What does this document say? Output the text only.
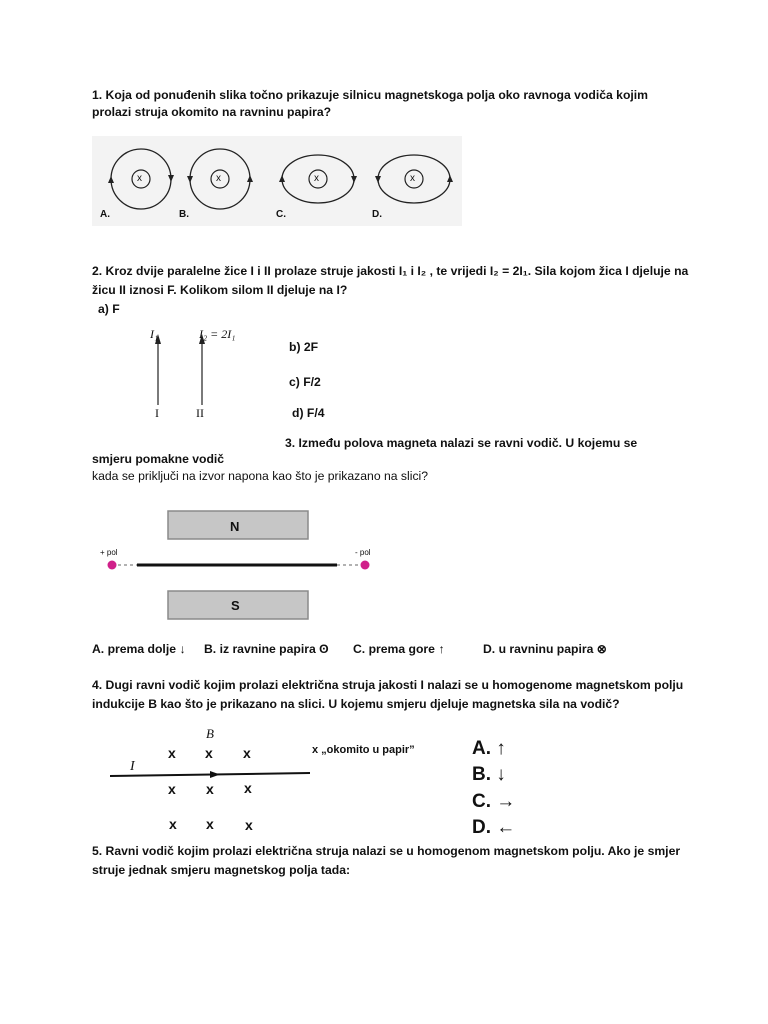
1. Koja od ponuđenih slika točno prikazuje silnicu magnetskoga polja oko ravnoga vodiča kojim
prolazi struja okomito na ravninu papira?
x	x	x	x
A.	B.	C.	D.
2. Kroz dvije paralelne žice I i II prolaze struje jakosti I₁ i I₂ , te vrijedi I₂ = 2I₁. Sila kojom žica I djeluje na
žicu II iznosi F. Kolikom silom II djeluje na I?
a) F
I₁	I₂ = 2I₁
I	II
b) 2F
c) F/2
d) F/4
3. Između polova magneta nalazi se ravni vodič. U kojemu se
smjeru pomakne vodič
kada se priključi na izvor napona kao što je prikazano na slici?
N
S
+ pol	- pol
A. prema dolje ↓ B. iz ravnine papira ʘ C. prema gore ↑	D. u ravninu papira ⊗
4. Dugi ravni vodič kojim prolazi električna struja jakosti I nalazi se u homogenome magnetskom polju
indukcije B kao što je prikazano na slici. U kojemu smjeru djeluje magnetska sila na vodič?
B⃗
I
x x x
x x x
x x x
x „okomito u papir”	A. ↑
B. ↓
C. →
D. ←
5. Ravni vodič kojim prolazi električna struja nalazi se u homogenom magnetskom polju. Ako je smjer
struje jednak smjeru magnetskog polja tada:
